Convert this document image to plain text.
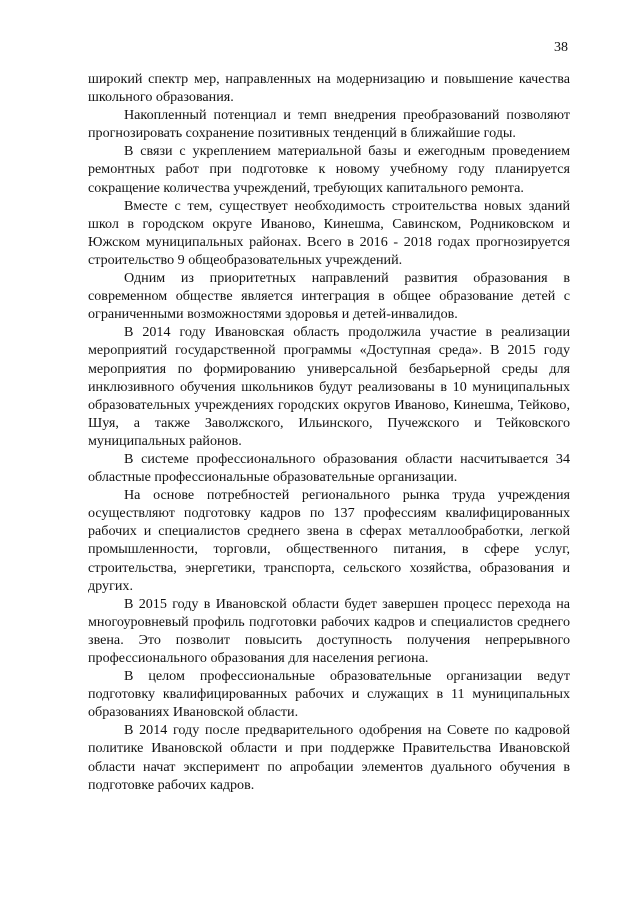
38

широкий спектр мер, направленных на модернизацию и повышение качества школьного образования.

Накопленный потенциал и темп внедрения преобразований позволяют прогнозировать сохранение позитивных тенденций в ближайшие годы.

В связи с укреплением материальной базы и ежегодным проведением ремонтных работ при подготовке к новому учебному году планируется сокращение количества учреждений, требующих капитального ремонта.

Вместе с тем, существует необходимость строительства новых зданий школ в городском округе Иваново, Кинешма, Савинском, Родниковском и Южском муниципальных районах. Всего в 2016 - 2018 годах прогнозируется строительство 9 общеобразовательных учреждений.

Одним из приоритетных направлений развития образования в современном обществе является интеграция в общее образование детей с ограниченными возможностями здоровья и детей-инвалидов.

В 2014 году Ивановская область продолжила участие в реализации мероприятий государственной программы «Доступная среда». В 2015 году мероприятия по формированию универсальной безбарьерной среды для инклюзивного обучения школьников будут реализованы в 10 муниципальных образовательных учреждениях городских округов Иваново, Кинешма, Тейково, Шуя, а также Заволжского, Ильинского, Пучежского и Тейковского муниципальных районов.

В системе профессионального образования области насчитывается 34 областные профессиональные образовательные организации.

На основе потребностей регионального рынка труда учреждения осуществляют подготовку кадров по 137 профессиям квалифицированных рабочих и специалистов среднего звена в сферах металлообработки, легкой промышленности, торговли, общественного питания, в сфере услуг, строительства, энергетики, транспорта, сельского хозяйства, образования и других.

В 2015 году в Ивановской области будет завершен процесс перехода на многоуровневый профиль подготовки рабочих кадров и специалистов среднего звена. Это позволит повысить доступность получения непрерывного профессионального образования для населения региона.

В целом профессиональные образовательные организации ведут подготовку квалифицированных рабочих и служащих в 11 муниципальных образованиях Ивановской области.

В 2014 году после предварительного одобрения на Совете по кадровой политике Ивановской области и при поддержке Правительства Ивановской области начат эксперимент по апробации элементов дуального обучения в подготовке рабочих кадров.
